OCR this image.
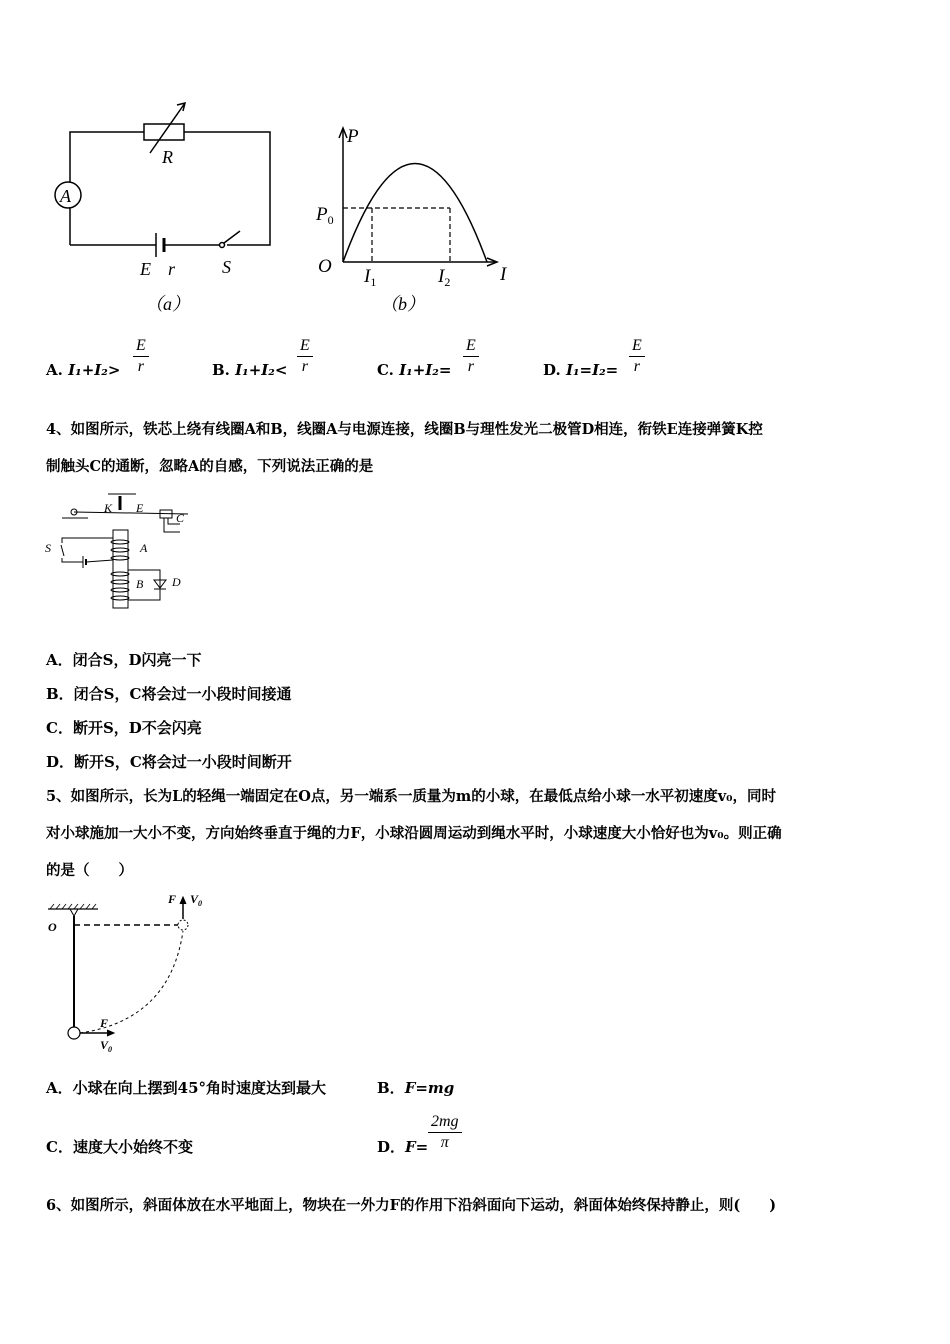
A
R
E r	S
（a）
P
$P_0$
O $I_1$	$I_2$	I
（b）
A. $I_1+I_2> \frac{E}{r}$	B. $I_1+I_2< \frac{E}{r}$	C. $I_1+I_2= \frac{E}{r}$	D. $I_1=I_2= \frac{E}{r}$
4、如图所示，铁芯上绕有线圈A和B，线圈A与电源连接，线圈B与理性发光二极管D相连，衔铁E连接弹簧K控
制触头C的通断，忽略A的自感，下列说法正确的是
K E
C
S	A
B D
A．闭合S，D闪亮一下
B．闭合S，C将会过一小段时间接通
C．断开S，D不会闪亮
D．断开S，C将会过一小段时间断开
5、如图所示，长为L的轻绳一端固定在O点，另一端系一质量为m的小球，在最低点给小球一水平初速度v₀，同时
对小球施加一大小不变，方向始终垂直于绳的力F，小球沿圆周运动到绳水平时，小球速度大小恰好也为v₀。则正确
的是（　　）
O
F $V_0$
F
$V_0$
A．小球在向上摆到45°角时速度达到最大	B．F=mg
C．速度大小始终不变	D．$F= \frac{2mg}{\pi}$
6、如图所示，斜面体放在水平地面上，物块在一外力F的作用下沿斜面向下运动，斜面体始终保持静止，则(　　)
